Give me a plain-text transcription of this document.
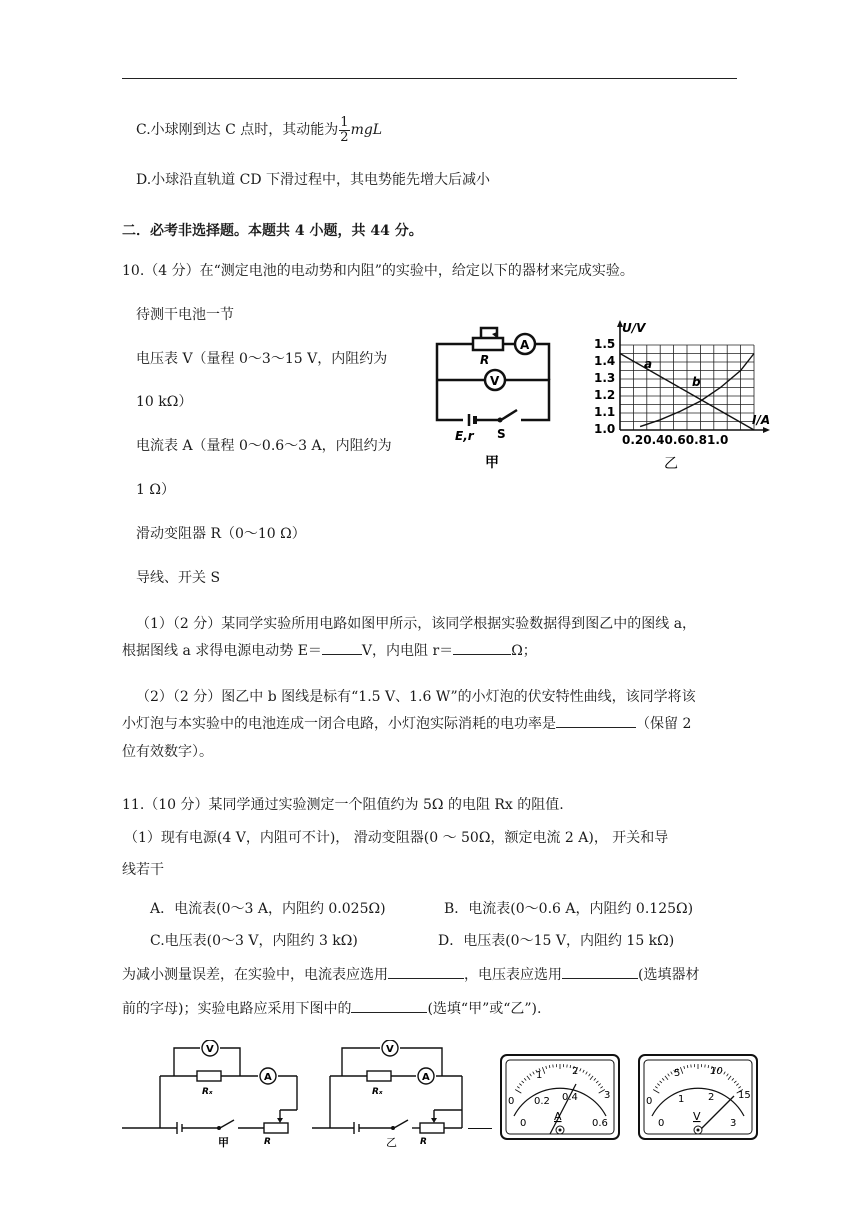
C.小球刚到达 C 点时，其动能为 $\frac{1}{2}$ mgL
D.小球沿直轨道 CD 下滑过程中，其电势能先增大后减小
二．必考非选择题。本题共 4 小题，共 44 分。
10.（4 分）在“测定电池的电动势和内阻”的实验中，给定以下的器材来完成实验。
待测干电池一节
电压表 V（量程 0～3～15 V，内阻约为
10 kΩ）
电流表 A（量程 0～0.6～3 A，内阻约为
1 Ω）
滑动变阻器 R（0～10 Ω）
导线、开关 S
R
A
V
E,r S
甲
U/V
I/A
1.5
1.4
1.3
1.2
1.1
1.0
0.20.40.60.81.0
a
b
乙
（1）（2 分）某同学实验所用电路如图甲所示，该同学根据实验数据得到图乙中的图线 a，
根据图线 a 求得电源电动势 E＝	V，内电阻 r＝	Ω；
（2）（2 分）图乙中 b 图线是标有“1.5 V、1.6 W”的小灯泡的伏安特性曲线，该同学将该
小灯泡与本实验中的电池连成一闭合电路，小灯泡实际消耗的电功率是	（保留 2
位有效数字）。
11.（10 分）某同学通过实验测定一个阻值约为 5Ω 的电阻 Rx 的阻值.
（1）现有电源(4 V，内阻可不计)， 滑动变阻器(0 ～ 50Ω，额定电流 2 A)， 开关和导
线若干
A．电流表(0～3 A，内阻约 0.025Ω)	B．电流表(0～0.6 A，内阻约 0.125Ω)
C.电压表(0～3 V，内阻约 3 kΩ)	D．电压表(0～15 V，内阻约 15 kΩ)
为减小测量误差，在实验中，电流表应选用	，电压表应选用	(选填器材
前的字母)；实验电路应采用下图中的	(选填“甲”或“乙”).
V
A
Rₓ
R
甲
V
A
Rₓ
R
乙
0
1	2
3
0
0.2 0.4
0.6
A
0
5	10
15
0
1 2
3
V
